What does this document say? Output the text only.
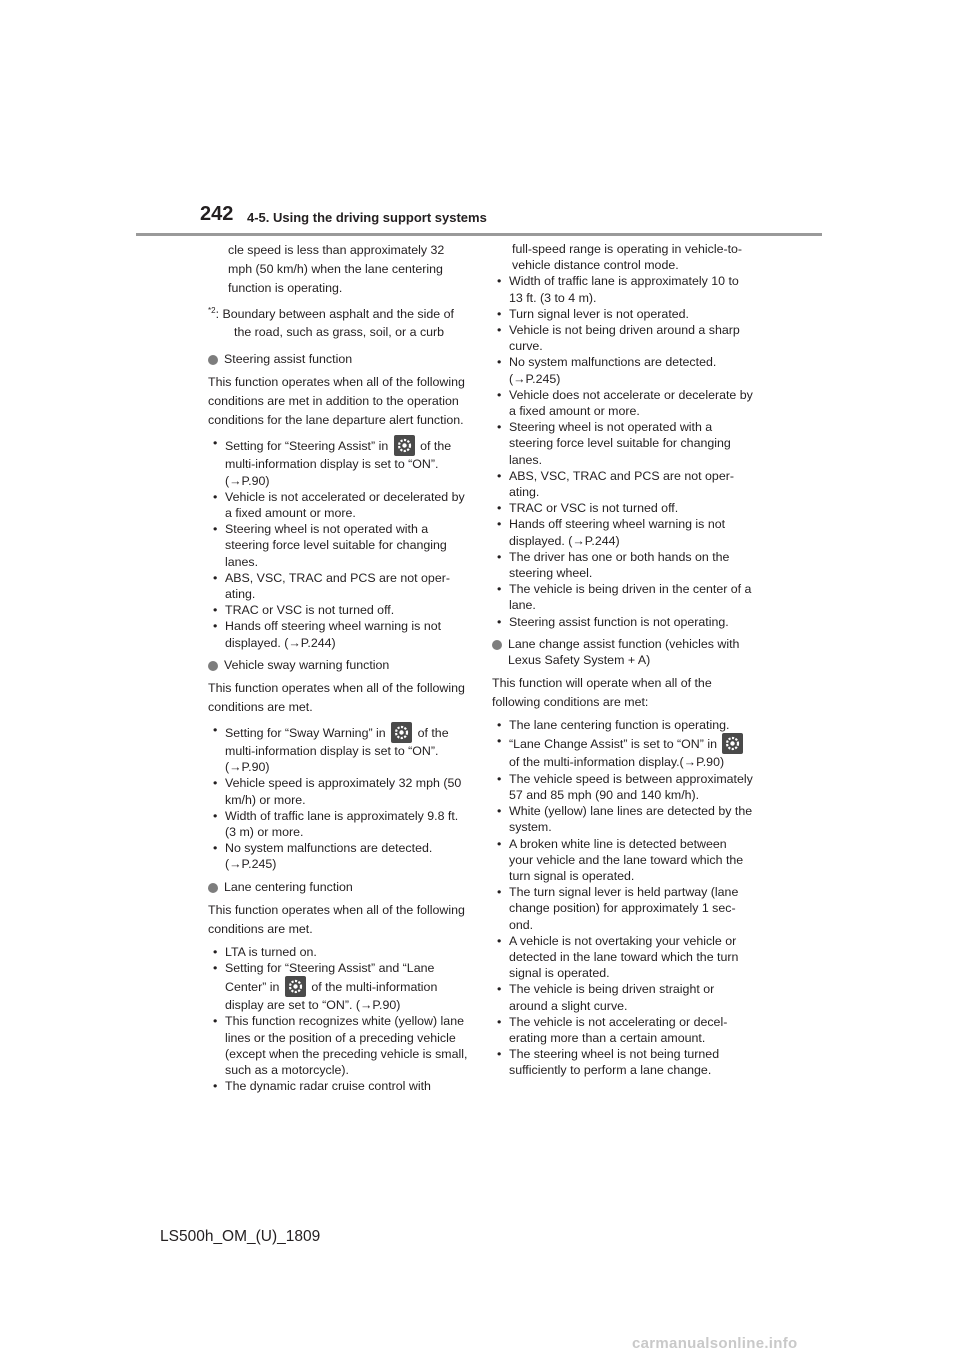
242 4-5. Using the driving support systems

cle speed is less than approximately 32 mph (50 km/h) when the lane centering function is operating.

$^{*2}$: Boundary between asphalt and the side of the road, such as grass, soil, or a curb

Steering assist function

This function operates when all of the following conditions are met in addition to the operation conditions for the lane departure alert function.

• Setting for “Steering Assist” in	of the multi-information display is set to “ON”. (→P.90)
• Vehicle is not accelerated or decelerated by a fixed amount or more.
• Steering wheel is not operated with a steering force level suitable for changing lanes.
• ABS, VSC, TRAC and PCS are not operating.
• TRAC or VSC is not turned off.
• Hands off steering wheel warning is not displayed. (→P.244)
Vehicle sway warning function

This function operates when all of the following conditions are met.

• Setting for “Sway Warning” in	of the multi-information display is set to “ON”. (→P.90)
• Vehicle speed is approximately 32 mph (50 km/h) or more.
• Width of traffic lane is approximately 9.8 ft. (3 m) or more.
• No system malfunctions are detected. (→P.245)
Lane centering function

This function operates when all of the following conditions are met.

• LTA is turned on.
• Setting for “Steering Assist” and “Lane Center” in	of the multi-information display are set to “ON”. (→P.90)
• This function recognizes white (yellow) lane lines or the position of a preceding vehicle (except when the preceding vehicle is small, such as a motorcycle).
• The dynamic radar cruise control with

full-speed range is operating in vehicle-to-vehicle distance control mode.

• Width of traffic lane is approximately 10 to 13 ft. (3 to 4 m).
• Turn signal lever is not operated.
• Vehicle is not being driven around a sharp curve.
• No system malfunctions are detected. (→P.245)
• Vehicle does not accelerate or decelerate by a fixed amount or more.
• Steering wheel is not operated with a steering force level suitable for changing lanes.
• ABS, VSC, TRAC and PCS are not operating.
• TRAC or VSC is not turned off.
• Hands off steering wheel warning is not displayed. (→P.244)
• The driver has one or both hands on the steering wheel.
• The vehicle is being driven in the center of a lane.
• Steering assist function is not operating.
Lane change assist function (vehicles with Lexus Safety System + A)

This function will operate when all of the following conditions are met:

• The lane centering function is operating.
• “Lane Change Assist” is set to “ON” in
of the multi-information display.(→P.90)
• The vehicle speed is between approximately 57 and 85 mph (90 and 140 km/h).
• White (yellow) lane lines are detected by the system.
• A broken white line is detected between your vehicle and the lane toward which the turn signal is operated.
• The turn signal lever is held partway (lane change position) for approximately 1 second.
• A vehicle is not overtaking your vehicle or detected in the lane toward which the turn signal is operated.
• The vehicle is being driven straight or around a slight curve.
• The vehicle is not accelerating or decelerating more than a certain amount.
• The steering wheel is not being turned sufficiently to perform a lane change.
LS500h_OM_(U)_1809
carmanualsonline.info
